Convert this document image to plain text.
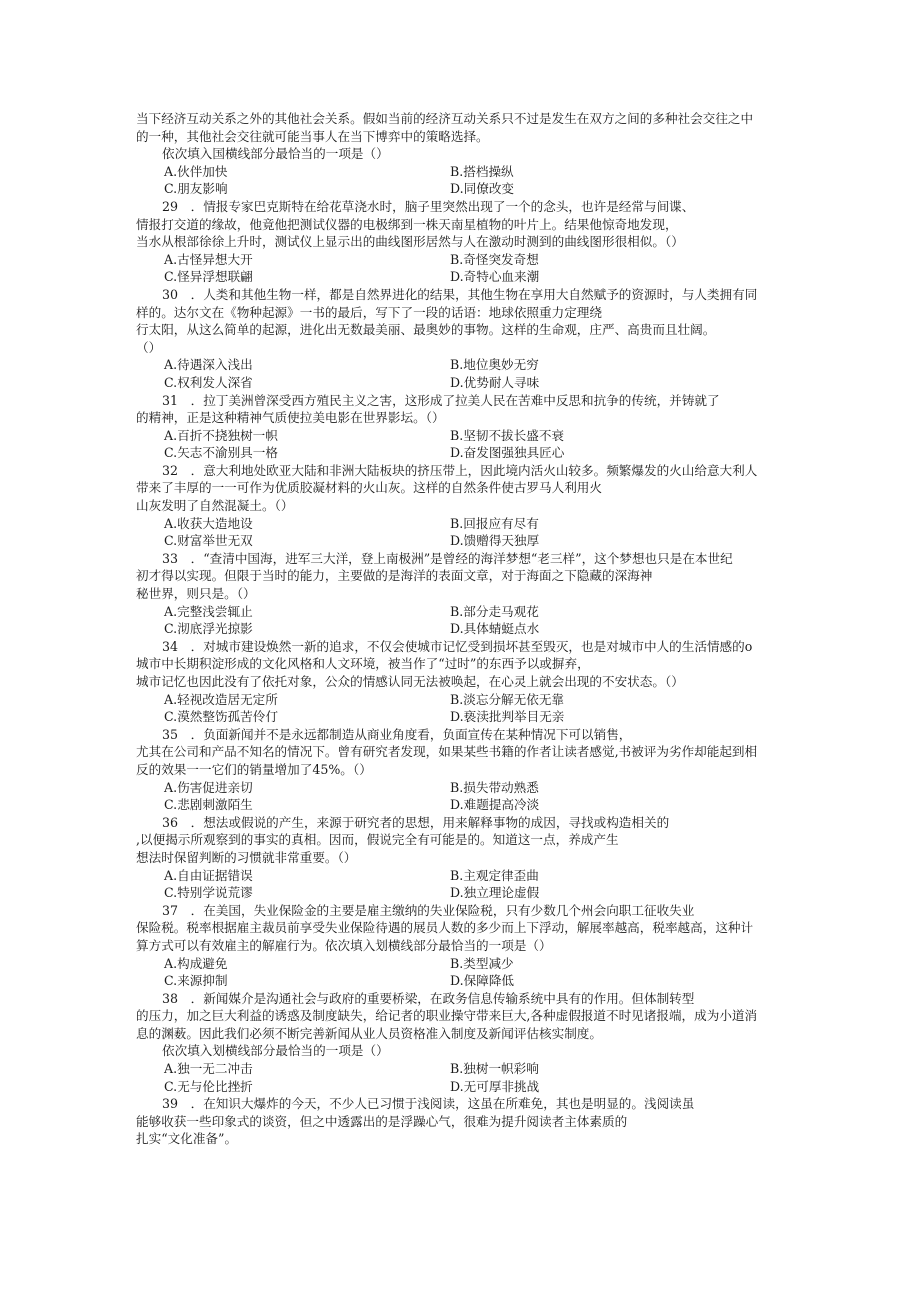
当下经济互动关系之外的其他社会关系。假如当前的经济互动关系只不过是发生在双方之间的多种社会交往之中
的一种，其他社会交往就可能当事人在当下博弈中的策略选择。
依次填入国横线部分最恰当的一项是（）
A.伙伴加快	B.搭档操纵
C.朋友影响	D.同僚改变
29　．情报专家巴克斯特在给花草浇水时，脑子里突然出现了一个的念头，也许是经常与间谍、
情报打交道的缘故，他竟他把测试仪器的电极绑到一株天南星植物的叶片上。结果他惊奇地发现，
当水从根部徐徐上升时，测试仪上显示出的曲线图形居然与人在激动时测到的曲线图形很相似。（）
A.古怪异想大开	B.奇怪突发奇想
C.怪异浮想联翩	D.奇特心血来潮
30　．人类和其他生物一样，都是自然界进化的结果，其他生物在享用大自然赋予的资源时，与人类拥有同
样的。达尔文在《物种起源》一书的最后，写下了一段的话语：地球依照重力定理绕
行太阳，从这么简单的起源，进化出无数最美丽、最奥妙的事物。这样的生命观，庄严、高贵而且壮阔。
（）
A.待遇深入浅出	B.地位奥妙无穷
C.权利发人深省	D.优势耐人寻味
31　．拉丁美洲曾深受西方殖民主义之害，这形成了拉美人民在苦难中反思和抗争的传统，并铸就了
的精神，正是这种精神气质使拉美电影在世界影坛。（）
A.百折不挠独树一帜	B.坚韧不拔长盛不衰
C.矢志不渝别具一格	D.奋发图强独具匠心
32　．意大利地处欧亚大陆和非洲大陆板块的挤压带上，因此境内活火山较多。频繁爆发的火山给意大利人
带来了丰厚的一一可作为优质胶凝材料的火山灰。这样的自然条件使古罗马人利用火
山灰发明了自然混凝土。（）
A.收获大造地设	B.回报应有尽有
C.财富举世无双	D.馈赠得天独厚
33　．“查清中国海，进军三大洋，登上南极洲”是曾经的海洋梦想“老三样”，这个梦想也只是在本世纪
初才得以实现。但限于当时的能力，主要做的是海洋的表面文章，对于海面之下隐藏的深海神
秘世界，则只是。（）
A.完整浅尝辄止	B.部分走马观花
C.沏底浮光掠影	D.具体蜻蜓点水
34　．对城市建设焕然一新的追求，不仅会使城市记忆受到损坏甚至毁灭，也是对城市中人的生活情感的o
城市中长期积淀形成的文化风格和人文环境，被当作了“过时”的东西予以或摒弃，
城市记忆也因此没有了依托对象，公众的情感认同无法被唤起，在心灵上就会出现的不安状态。（）
A.轻视改造居无定所	B.淡忘分解无依无靠
C.漠然整饬孤苦伶仃	D.亵渎批判举目无亲
35　．负面新闻并不是永远都制造从商业角度看，负面宣传在某种情况下可以销售，
尤其在公司和产品不知名的情况下。曾有研究者发现，如果某些书籍的作者让读者感觉,书被评为劣作却能起到相
反的效果一一它们的销量增加了45%。（）
A.伤害促进亲切	B.损失带动熟悉
C.悲剧刺激陌生	D.难题提高冷淡
36　．想法或假说的产生，来源于研究者的思想，用来解释事物的成因，寻找或构造相关的
,以便揭示所观察到的事实的真相。因而，假说完全有可能是的。知道这一点，养成产生
想法时保留判断的习惯就非常重要。（）
A.自由证据错误	B.主观定律歪曲
C.特别学说荒谬	D.独立理论虚假
37　．在美国，失业保险金的主要是雇主缴纳的失业保险税，只有少数几个州会向职工征收失业
保险税。税率根据雇主裁员前享受失业保险待遇的展员人数的多少而上下浮动，解展率越高，税率越高，这种计
算方式可以有效雇主的解雇行为。依次填入划横线部分最恰当的一项是（）
A.构成避免	B.类型减少
C.来源抑制	D.保障降低
38　．新闻媒介是沟通社会与政府的重要桥梁，在政务信息传输系统中具有的作用。但体制转型
的压力，加之巨大利益的诱惑及制度缺失，给记者的职业操守带来巨大,各种虚假报道不时见诸报端，成为小道消
息的渊薮。因此我们必须不断完善新闻从业人员资格准入制度及新闻评估核实制度。
依次填入划横线部分最恰当的一项是（）
A.独一无二冲击	B.独树一帜彩响
C.无与伦比挫折	D.无可厚非挑战
39　．在知识大爆炸的今天，不少人已习惯于浅阅读，这虽在所难免，其也是明显的。浅阅读虽
能够收获一些印象式的谈资，但之中透露出的是浮躁心气，很难为提升阅读者主体素质的
扎实“文化准备”。
